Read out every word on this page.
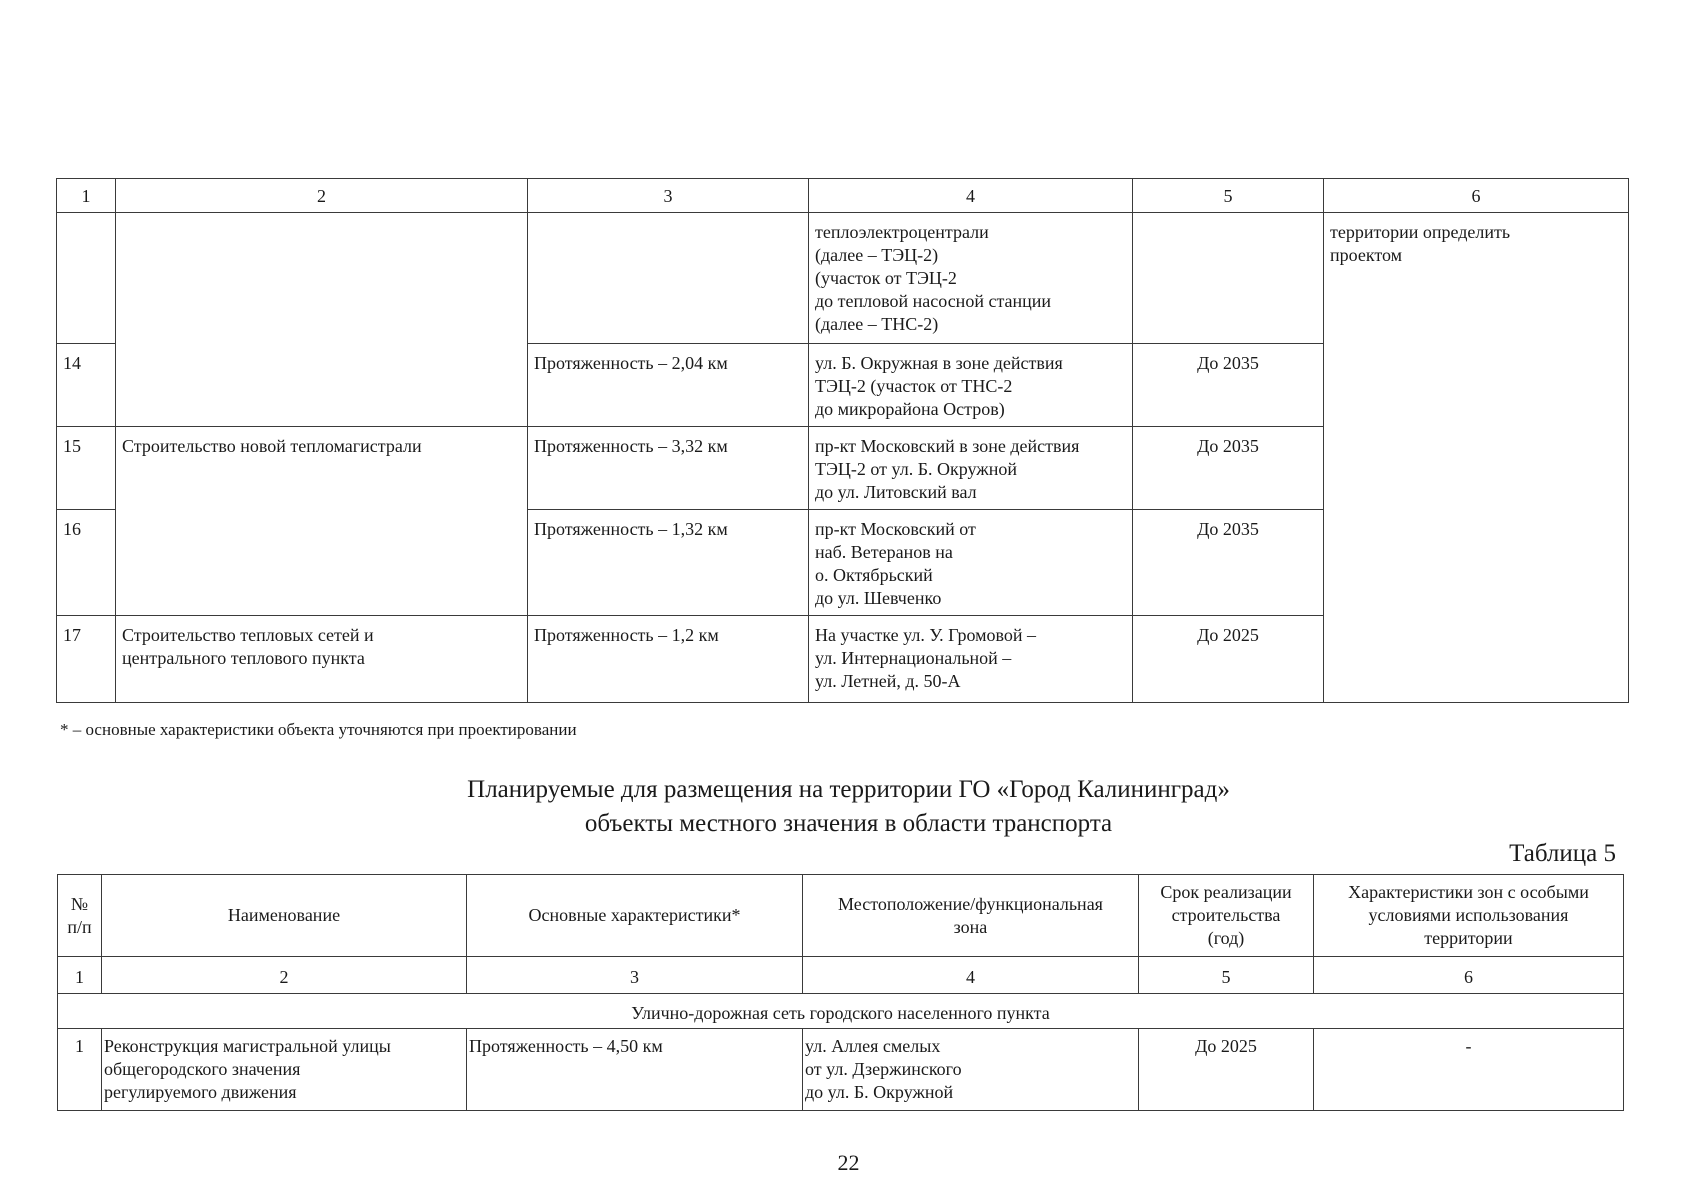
1	2	3	4	5	6
			теплоэлектроцентрали
(далее – ТЭЦ-2)
(участок от ТЭЦ-2
до тепловой насосной станции
(далее – ТНС-2)		территории определить
проектом
14		Протяженность – 2,04 км	ул. Б. Окружная в зоне действия
ТЭЦ-2 (участок от ТНС-2
до микрорайона Остров)	До 2035	
15	Строительство новой тепломагистрали	Протяженность – 3,32 км	пр-кт Московский в зоне действия
ТЭЦ-2 от ул. Б. Окружной
до ул. Литовский вал	До 2035	
16		Протяженность – 1,32 км	пр-кт Московский от
наб. Ветеранов на
о. Октябрьский
до ул. Шевченко	До 2035	
17	Строительство тепловых сетей и
центрального теплового пункта	Протяженность – 1,2 км	На участке ул. У. Громовой –
ул. Интернациональной –
ул. Летней, д. 50-А	До 2025	
* – основные характеристики объекта уточняются при проектировании
Планируемые для размещения на территории ГО «Город Калининград»
объекты местного значения в области транспорта
Таблица 5
№
п/п	Наименование	Основные характеристики*	Местоположение/функциональная
зона	Срок реализации
строительства
(год)	Характеристики зон с особыми
условиями использования
территории
1	2	3	4	5	6
Улично-дорожная сеть городского населенного пункта					
1	Реконструкция магистральной улицы
общегородского значения
регулируемого движения	Протяженность – 4,50 км	ул. Аллея смелых
от ул. Дзержинского
до ул. Б. Окружной	До 2025	-
22
